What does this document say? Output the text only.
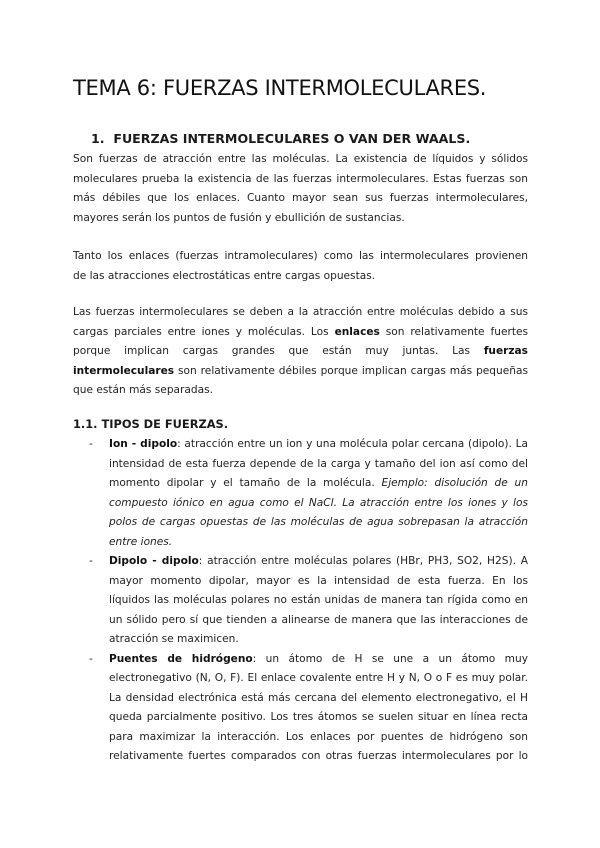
TEMA 6: FUERZAS INTERMOLECULARES.
1. FUERZAS INTERMOLECULARES O VAN DER WAALS.
Son fuerzas de atracción entre las moléculas. La existencia de líquidos y sólidos
moleculares prueba la existencia de las fuerzas intermoleculares. Estas fuerzas son
más débiles que los enlaces. Cuanto mayor sean sus fuerzas intermoleculares,
mayores serán los puntos de fusión y ebullición de sustancias.
Tanto los enlaces (fuerzas intramoleculares) como las intermoleculares provienen
de las atracciones electrostáticas entre cargas opuestas.
Las fuerzas intermoleculares se deben a la atracción entre moléculas debido a sus
cargas parciales entre iones y moléculas. Los enlaces son relativamente fuertes
porque implican cargas grandes que están muy juntas. Las fuerzas
intermoleculares son relativamente débiles porque implican cargas más pequeñas
que están más separadas.
1.1. TIPOS DE FUERZAS.
- Ion - dipolo: atracción entre un ion y una molécula polar cercana (dipolo). La
intensidad de esta fuerza depende de la carga y tamaño del ion así como del
momento dipolar y el tamaño de la molécula. Ejemplo: disolución de un
compuesto iónico en agua como el NaCl. La atracción entre los iones y los
polos de cargas opuestas de las moléculas de agua sobrepasan la atracción
entre iones.
- Dipolo - dipolo: atracción entre moléculas polares (HBr, PH3, SO2, H2S). A
mayor momento dipolar, mayor es la intensidad de esta fuerza. En los
líquidos las moléculas polares no están unidas de manera tan rígida como en
un sólido pero sí que tienden a alinearse de manera que las interacciones de
atracción se maximicen.
- Puentes de hidrógeno: un átomo de H se une a un átomo muy
electronegativo (N, O, F). El enlace covalente entre H y N, O o F es muy polar.
La densidad electrónica está más cercana del elemento electronegativo, el H
queda parcialmente positivo. Los tres átomos se suelen situar en línea recta
para maximizar la interacción. Los enlaces por puentes de hidrógeno son
relativamente fuertes comparados con otras fuerzas intermoleculares por lo
